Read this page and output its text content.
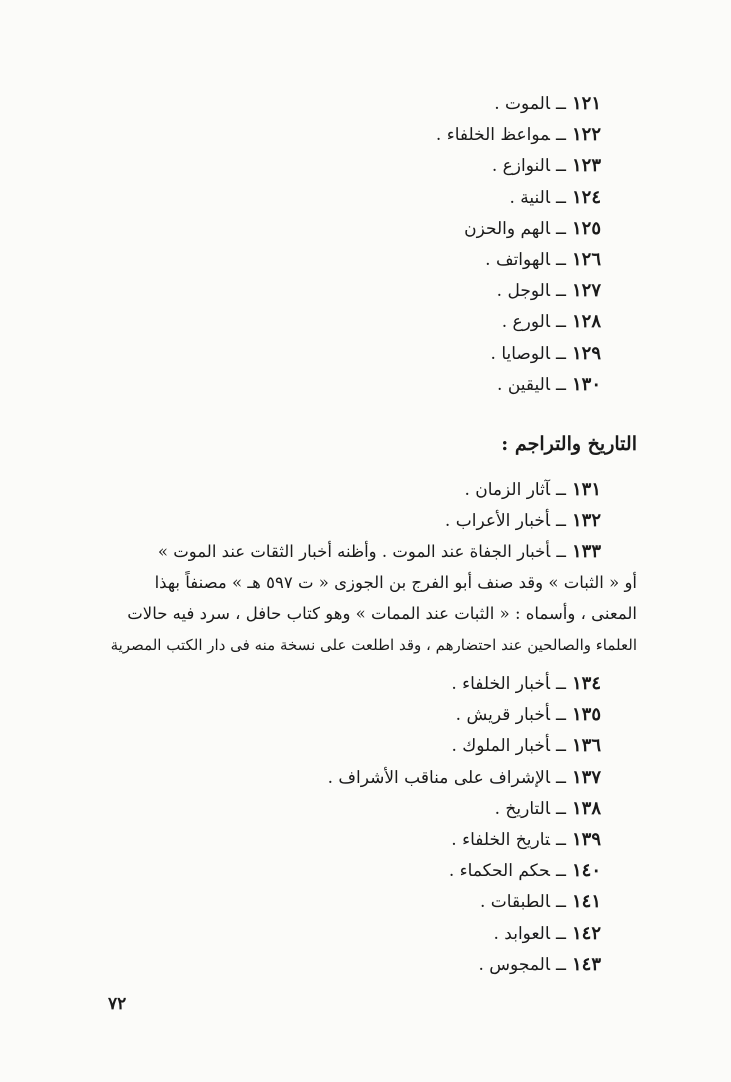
١٢١ــالموت .
١٢٢ــمواعظ الخلفاء .
١٢٣ــالنوازع .
١٢٤ــالنية .
١٢٥ــالهم والحزن
١٢٦ــالهواتف .
١٢٧ــالوجل .
١٢٨ــالورع .
١٢٩ــالوصايا .
١٣٠ــاليقين .
التاريخ والتراجم :
١٣١ــآثار الزمان .
١٣٢ــأخبار الأعراب .
١٣٣ــأخبار الجفاة عند الموت . وأظنه أخبار الثقات عند الموت »
أو « الثبات » وقد صنف أبو الفرج بن الجوزى « ت ٥٩٧ هـ » مصنفاً بهذا
المعنى ، وأسماه : « الثبات عند الممات » وهو كتاب حافل ، سرد فيه حالات
العلماء والصالحين عند احتضارهم ، وقد اطلعت على نسخة منه فى دار الكتب المصرية
١٣٤ــأخبار الخلفاء .
١٣٥ــأخبار قريش .
١٣٦ــأخبار الملوك .
١٣٧ــالإشراف على مناقب الأشراف .
١٣٨ــالتاريخ .
١٣٩ــتاريخ الخلفاء .
١٤٠ــحكم الحكماء .
١٤١ــالطبقات .
١٤٢ــالعوابد .
١٤٣ــالمجوس .
٧٢
